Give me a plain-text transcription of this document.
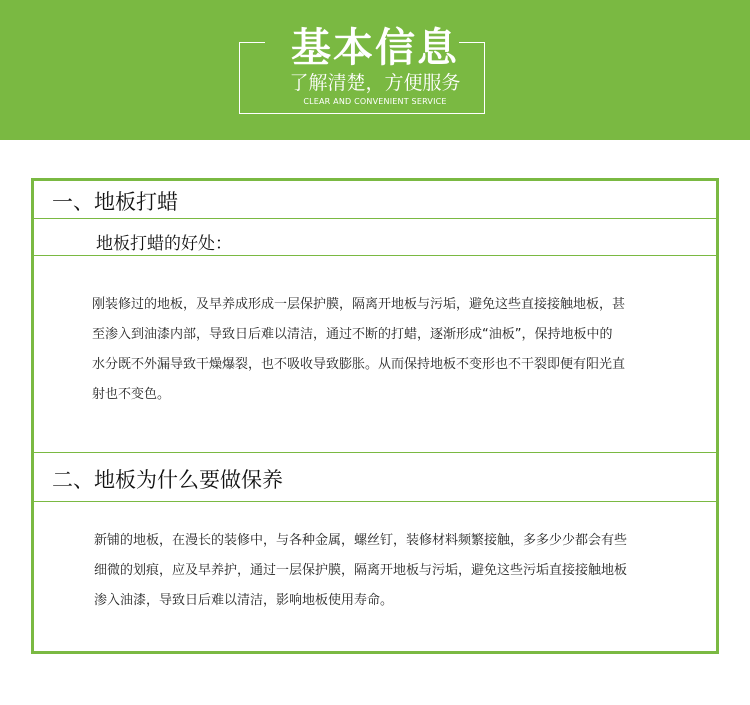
基本信息
了解清楚，方便服务
CLEAR AND CONVENIENT SERVICE
一、地板打蜡
地板打蜡的好处：
刚装修过的地板，及早养成形成一层保护膜，隔离开地板与污垢，避免这些直接接触地板，甚
至渗入到油漆内部，导致日后难以清洁，通过不断的打蜡，逐渐形成“油板”，保持地板中的
水分既不外漏导致干燥爆裂，也不吸收导致膨胀。从而保持地板不变形也不干裂即便有阳光直
射也不变色。
二、地板为什么要做保养
新铺的地板，在漫长的装修中，与各种金属，螺丝钉，装修材料频繁接触，多多少少都会有些
细微的划痕，应及早养护，通过一层保护膜，隔离开地板与污垢，避免这些污垢直接接触地板
渗入油漆，导致日后难以清洁，影响地板使用寿命。
